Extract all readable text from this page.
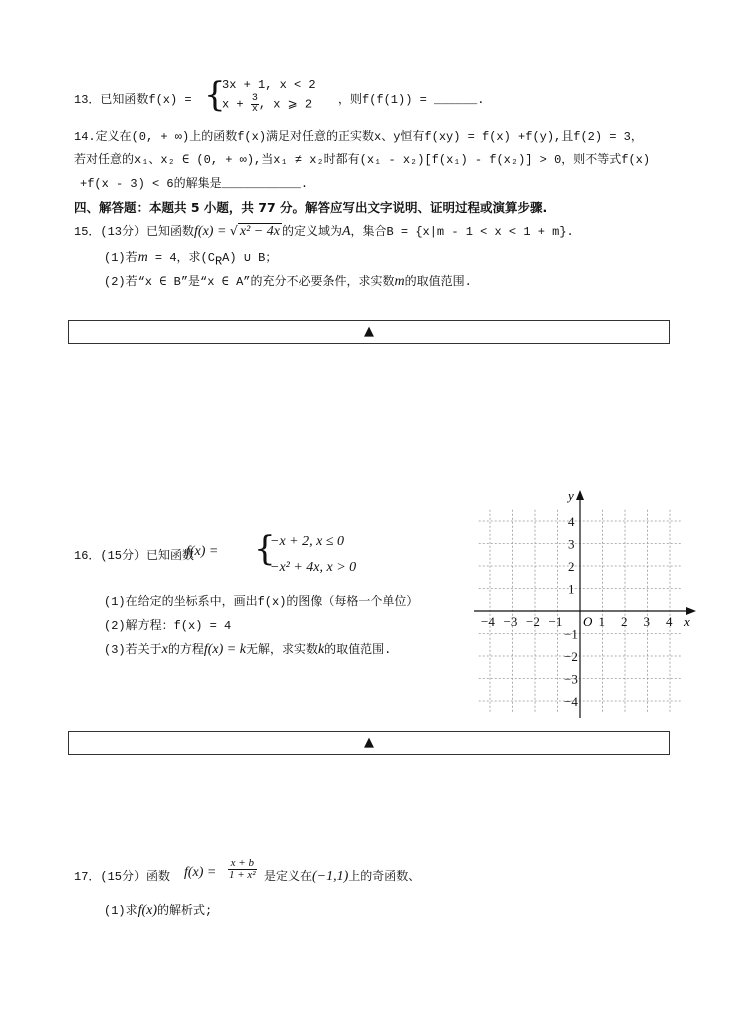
13．已知函数f(x) = {
3x + 1, x < 2
$x + \frac{3}{x}$ , x ⩾ 2 ，则f(f(1)) = ______.
14.定义在(0, + ∞)上的函数f(x)满足对任意的正实数x、y恒有f(xy) = f(x) +f(y),且f(2) = 3，
若对任意的x₁、x₂ ∈ (0, + ∞),当x₁ ≠ x₂时都有(x₁ - x₂)[f(x₁) - f(x₂)] > 0，则不等式f(x)
+f(x - 3) < 6的解集是___________.
四、解答题：本题共 5 小题，共 77 分。解答应写出文字说明、证明过程或演算步骤.
15．(13分）已知函数f(x) = √ x² − 4x 的定义域为A，集合B = {x|m - 1 < x < 1 + m}.
(1)若m = 4，求$(C_RA)$ ∪ B；
(2)若“x ∈ B”是“x ∈ A”的充分不必要条件，求实数m的取值范围.
▲
16．(15分）已知函数
f(x) = {
−x + 2, x ≤ 0
−x² + 4x, x > 0
(1)在给定的坐标系中，画出f(x)的图像（每格一个单位）
(2)解方程：f(x) = 4
(3)若关于x的方程f(x) = k无解，求实数k的取值范围.
−4 −3 −2 −1	1 2 3 4
4
3
2
1
−1
−2
−3
−4
x
y
O
▲
17．(15分）函数 $f(x) = \frac{x + b}{\text{1 + x²}}$ 是定义在(−1,1)上的奇函数、
(1)求f(x)的解析式;
